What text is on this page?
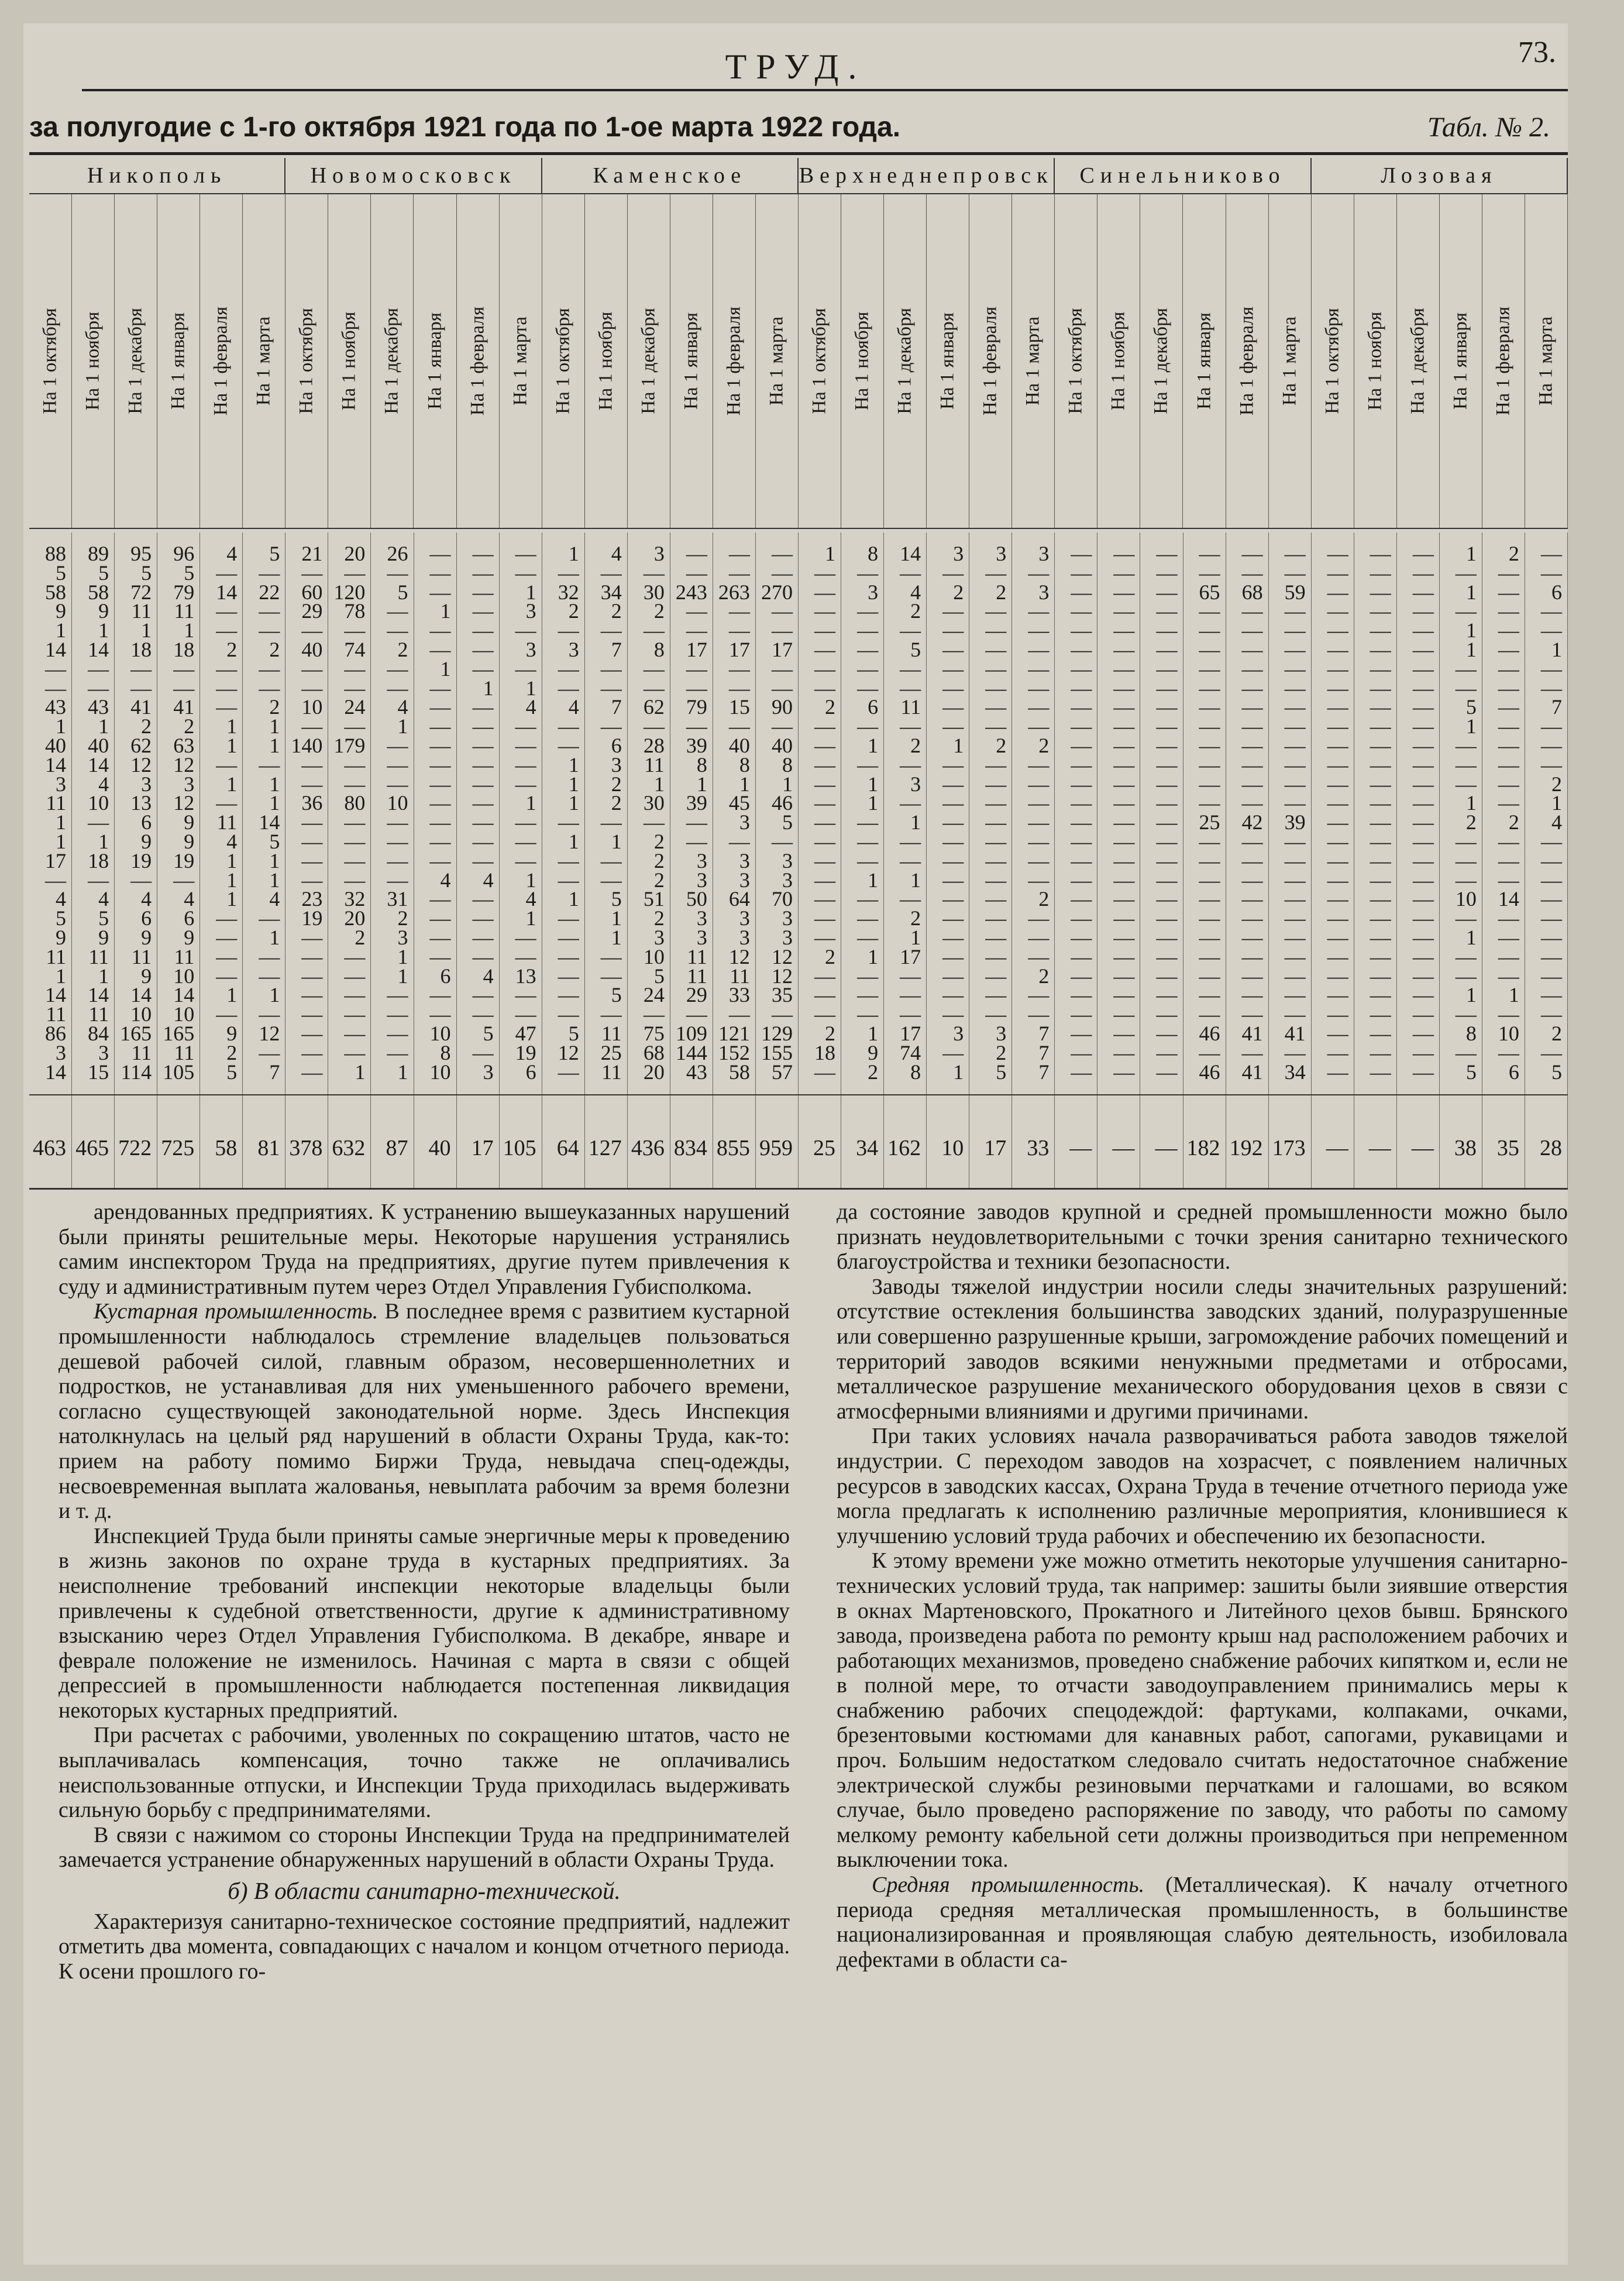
ТРУД.	73.
за полугодие с 1-го октября 1921 года по 1-ое марта 1922 года.	Табл. № 2.
Никополь	Новомосковск	Каменское	Верхнеднепровск	Синельниково	Лозовая
На 1 октября На 1 ноября На 1 декабря На 1 января На 1 февраля На 1 марта На 1 октября На 1 ноября На 1 декабря На 1 января На 1 февраля На 1 марта На 1 октября На 1 ноября На 1 декабря На 1 января На 1 февраля На 1 марта На 1 октября На 1 ноября На 1 декабря На 1 января На 1 февраля На 1 марта На 1 октября На 1 ноября На 1 декабря На 1 января На 1 февраля На 1 марта На 1 октября На 1 ноября На 1 декабря На 1 января На 1 февраля На 1 марта
88	89	95	96	4	5	21	20	26	—	—	—	1	4	3	—	—	—	1	8	14	3	3	3	—	—	—	—	—	—	—	—	—	1	2	—
5	5	5	5	—	—	—	—	—	—	—	—	—	—	—	—	—	—	—	—	—	—	—	—	—	—	—	—	—	—	—	—	—	—	—	—
58	58	72	79	14	22	60 120	5	—	—	1	32	34	30 243 263 270	—	3	4	2	2	3	—	—	—	65	68	59	—	—	—	1	—	6
9	9	11	11	—	—	29	78	—	1	—	3	2	2	2	—	—	—	—	—	2	—	—	—	—	—	—	—	—	—	—	—	—	—	—	—
1	1	1	1	—	—	—	—	—	—	—	—	—	—	—	—	—	—	—	—	—	—	—	—	—	—	—	—	—	—	—	—	—	1	—	—
14	14	18	18	2	2	40	74	2	—	—	3	3	7	8	17	17	17	—	—	5	—	—	—	—	—	—	—	—	—	—	—	—	1	—	1
—	—	—	—	—	—	—	—	—	1	—	—	—	—	—	—	—	—	—	—	—	—	—	—	—	—	—	—	—	—	—	—	—	—	—	—
—	—	—	—	—	—	—	—	—	—	1	1	—	—	—	—	—	—	—	—	—	—	—	—	—	—	—	—	—	—	—	—	—	—	—	—
43	43	41	41	—	2	10	24	4	—	—	4	4	7	62	79	15	90	2	6	11	—	—	—	—	—	—	—	—	—	—	—	—	5	—	7
1	1	2	2	1	1	—	—	1	—	—	—	—	—	—	—	—	—	—	—	—	—	—	—	—	—	—	—	—	—	—	—	—	1	—	—
40	40	62	63	1	1 140 179	—	—	—	—	—	6	28	39	40	40	—	1	2	1	2	2	—	—	—	—	—	—	—	—	—	—	—	—
14	14	12	12	—	—	—	—	—	—	—	—	1	3	11	8	8	8	—	—	—	—	—	—	—	—	—	—	—	—	—	—	—	—	—	—
3	4	3	3	1	1	—	—	—	—	—	—	1	2	1	1	1	1	—	1	3	—	—	—	—	—	—	—	—	—	—	—	—	—	—	2
11	10	13	12	—	1	36	80	10	—	—	1	1	2	30	39	45	46	—	1	—	—	—	—	—	—	—	—	—	—	—	—	—	1	—	1
1	—	6	9	11	14	—	—	—	—	—	—	—	—	—	—	3	5	—	—	1	—	—	—	—	—	—	25	42	39	—	—	—	2	2	4
1	1	9	9	4	5	—	—	—	—	—	—	1	1	2	—	—	—	—	—	—	—	—	—	—	—	—	—	—	—	—	—	—	—	—	—
17	18	19	19	1	1	—	—	—	—	—	—	—	—	2	3	3	3	—	—	—	—	—	—	—	—	—	—	—	—	—	—	—	—	—	—
—	—	—	—	1	1	—	—	—	4	4	1	—	—	2	3	3	3	—	1	1	—	—	—	—	—	—	—	—	—	—	—	—	—	—	—
4	4	4	4	1	4	23	32	31	—	—	4	1	5	51	50	64	70	—	—	—	—	—	2	—	—	—	—	—	—	—	—	—	10	14	—
5	5	6	6	—	—	19	20	2	—	—	1	—	1	2	3	3	3	—	—	2	—	—	—	—	—	—	—	—	—	—	—	—	—	—	—
9	9	9	9	—	1	—	2	3	—	—	—	—	1	3	3	3	3	—	—	1	—	—	—	—	—	—	—	—	—	—	—	—	1	—	—
11	11	11	11	—	—	—	—	1	—	—	—	—	—	10	11	12	12	2	1	17	—	—	—	—	—	—	—	—	—	—	—	—	—	—	—
1	1	9	10	—	—	—	—	1	6	4	13	—	—	5	11	11	12	—	—	—	—	—	2	—	—	—	—	—	—	—	—	—	—	—	—
14	14	14	14	1	1	—	—	—	—	—	—	—	5	24	29	33	35	—	—	—	—	—	—	—	—	—	—	—	—	—	—	—	1	1	—
11	11	10	10	—	—	—	—	—	—	—	—	—	—	—	—	—	—	—	—	—	—	—	—	—	—	—	—	—	—	—	—	—	—	—	—
86	84 165 165	9	12	—	—	—	10	5	47	5	11	75 109 121 129	2	1	17	3	3	7	—	—	—	46	41	41	—	—	—	8	10	2
3	3	11	11	2	—	—	—	—	8	—	19	12	25	68 144 152 155	18	9	74	—	2	7	—	—	—	—	—	—	—	—	—	—	—	—
14	15 114 105	5	7	—	1	1	10	3	6	—	11	20	43	58	57	—	2	8	1	5	7	—	—	—	46	41	34	—	—	—	5	6	5
463 465 722 725 58 81 378 632 87 40 17 105 64 127 436 834 855 959 25 34 162 10 17 33 — — — 182 192 173 — — — 38 35 28

арендованных предприятиях. К устранению вышеуказанных нарушений были приняты решительные меры. Некоторые нарушения устранялись самим инспектором Труда на предприятиях, другие путем привлечения к суду и административным путем через Отдел Управления Губисполкома.

Кустарная промышленность. В последнее время с развитием кустарной промышленности наблюдалось стремление владельцев пользоваться дешевой рабочей силой, главным образом, несовершеннолетних и подростков, не устанавливая для них уменьшенного рабочего времени, согласно существующей законодательной норме. Здесь Инспекция натолкнулась на целый ряд нарушений в области Охраны Труда, как-то: прием на работу помимо Биржи Труда, невыдача спец-одежды, несвоевременная выплата жалованья, невыплата рабочим за время болезни и т. д.

Инспекцией Труда были приняты самые энергичные меры к проведению в жизнь законов по охране труда в кустарных предприятиях. За неисполнение требований инспекции некоторые владельцы были привлечены к судебной ответственности, другие к административному взысканию через Отдел Управления Губисполкома. В декабре, январе и феврале положение не изменилось. Начиная с марта в связи с общей депрессией в промышленности наблюдается постепенная ликвидация некоторых кустарных предприятий.

При расчетах с рабочими, уволенных по сокращению штатов, часто не выплачивалась компенсация, точно также не оплачивались неиспользованные отпуски, и Инспекции Труда приходилась выдерживать сильную борьбу с предпринимателями.

В связи с нажимом со стороны Инспекции Труда на предпринимателей замечается устранение обнаруженных нарушений в области Охраны Труда.

б) В области санитарно-технической.

Характеризуя санитарно-техническое состояние предприятий, надлежит отметить два момента, совпадающих с началом и концом отчетного периода. К осени прошлого го-

да состояние заводов крупной и средней промышленности можно было признать неудовлетворительными с точки зрения санитарно технического благоустройства и техники безопасности.

Заводы тяжелой индустрии носили следы значительных разрушений: отсутствие остекления большинства заводских зданий, полуразрушенные или совершенно разрушенные крыши, загромождение рабочих помещений и территорий заводов всякими ненужными предметами и отбросами, металлическое разрушение механического оборудования цехов в связи с атмосферными влияниями и другими причинами.

При таких условиях начала разворачиваться работа заводов тяжелой индустрии. С переходом заводов на хозрасчет, с появлением наличных ресурсов в заводских кассах, Охрана Труда в течение отчетного периода уже могла предлагать к исполнению различные мероприятия, клонившиеся к улучшению условий труда рабочих и обеспечению их безопасности.

К этому времени уже можно отметить некоторые улучшения санитарно-технических условий труда, так например: зашиты были зиявшие отверстия в окнах Мартеновского, Прокатного и Литейного цехов бывш. Брянского завода, произведена работа по ремонту крыш над расположением рабочих и работающих механизмов, проведено снабжение рабочих кипятком и, если не в полной мере, то отчасти заводоуправлением принимались меры к снабжению рабочих спецодеждой: фартуками, колпаками, очками, брезентовыми костюмами для канавных работ, сапогами, рукавицами и проч. Большим недостатком следовало считать недостаточное снабжение электрической службы резиновыми перчатками и галошами, во всяком случае, было проведено распоряжение по заводу, что работы по самому мелкому ремонту кабельной сети должны производиться при непременном выключении тока.

Средняя промышленность. (Металлическая). К началу отчетного периода средняя металлическая промышленность, в большинстве национализированная и проявляющая слабую деятельность, изобиловала дефектами в области са-
